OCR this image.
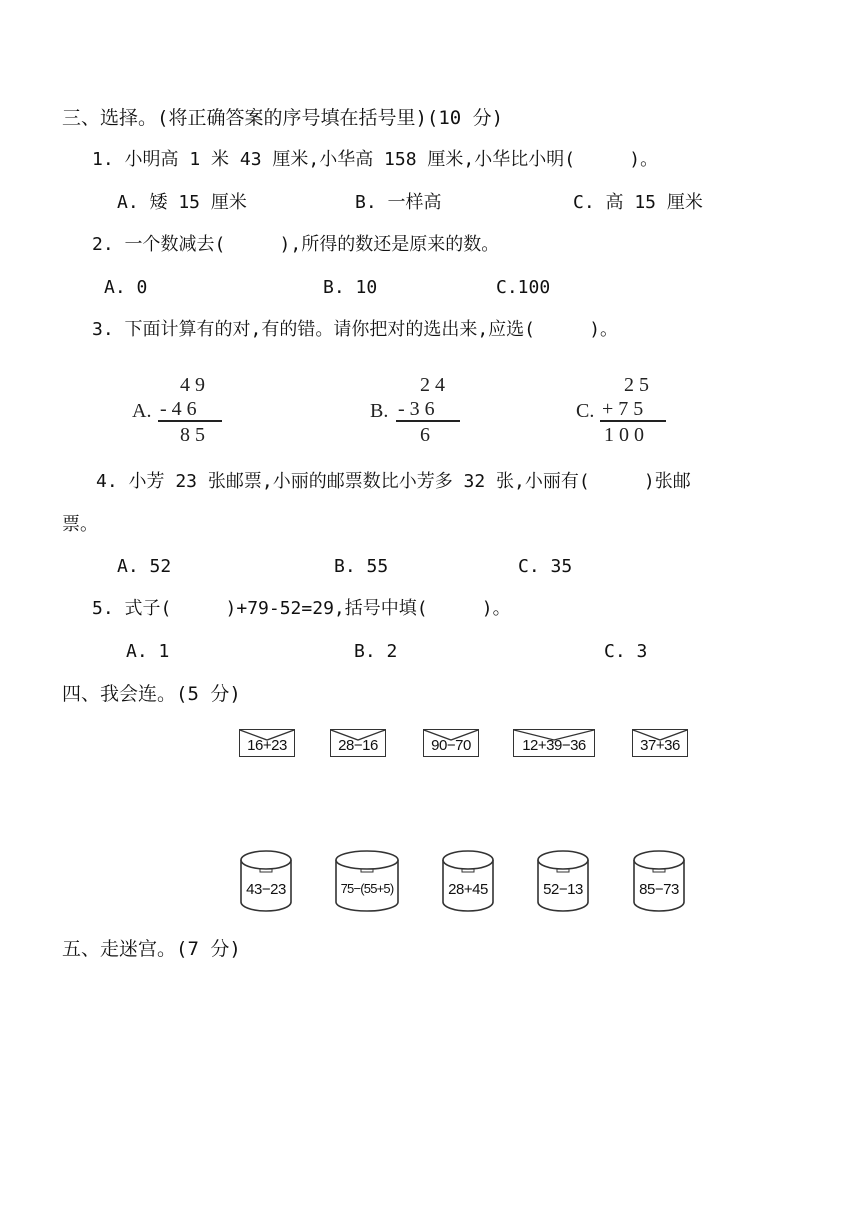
三、选择。(将正确答案的序号填在括号里)(10 分)
1. 小明高 1 米 43 厘米,小华高 158 厘米,小华比小明(     )。
A. 矮 15 厘米	B. 一样高	C. 高 15 厘米
2. 一个数减去(     ),所得的数还是原来的数。
A. 0	B. 10	C.100
3. 下面计算有的对,有的错。请你把对的选出来,应选(     )。
4 9
A. - 4 6
8 5
2 4
B. - 3 6
6
2 5
C. + 7 5
1 0 0
4. 小芳 23 张邮票,小丽的邮票数比小芳多 32 张,小丽有(     )张邮
票。
A. 52	B. 55	C. 35
5. 式子(     )+79-52=29,括号中填(     )。
A. 1	B. 2	C. 3
四、我会连。(5 分)
16+23	28−16	90−70	12+39−36	37+36
43−23	75−(55+5)	28+45	52−13	85−73
五、走迷宫。(7 分)
